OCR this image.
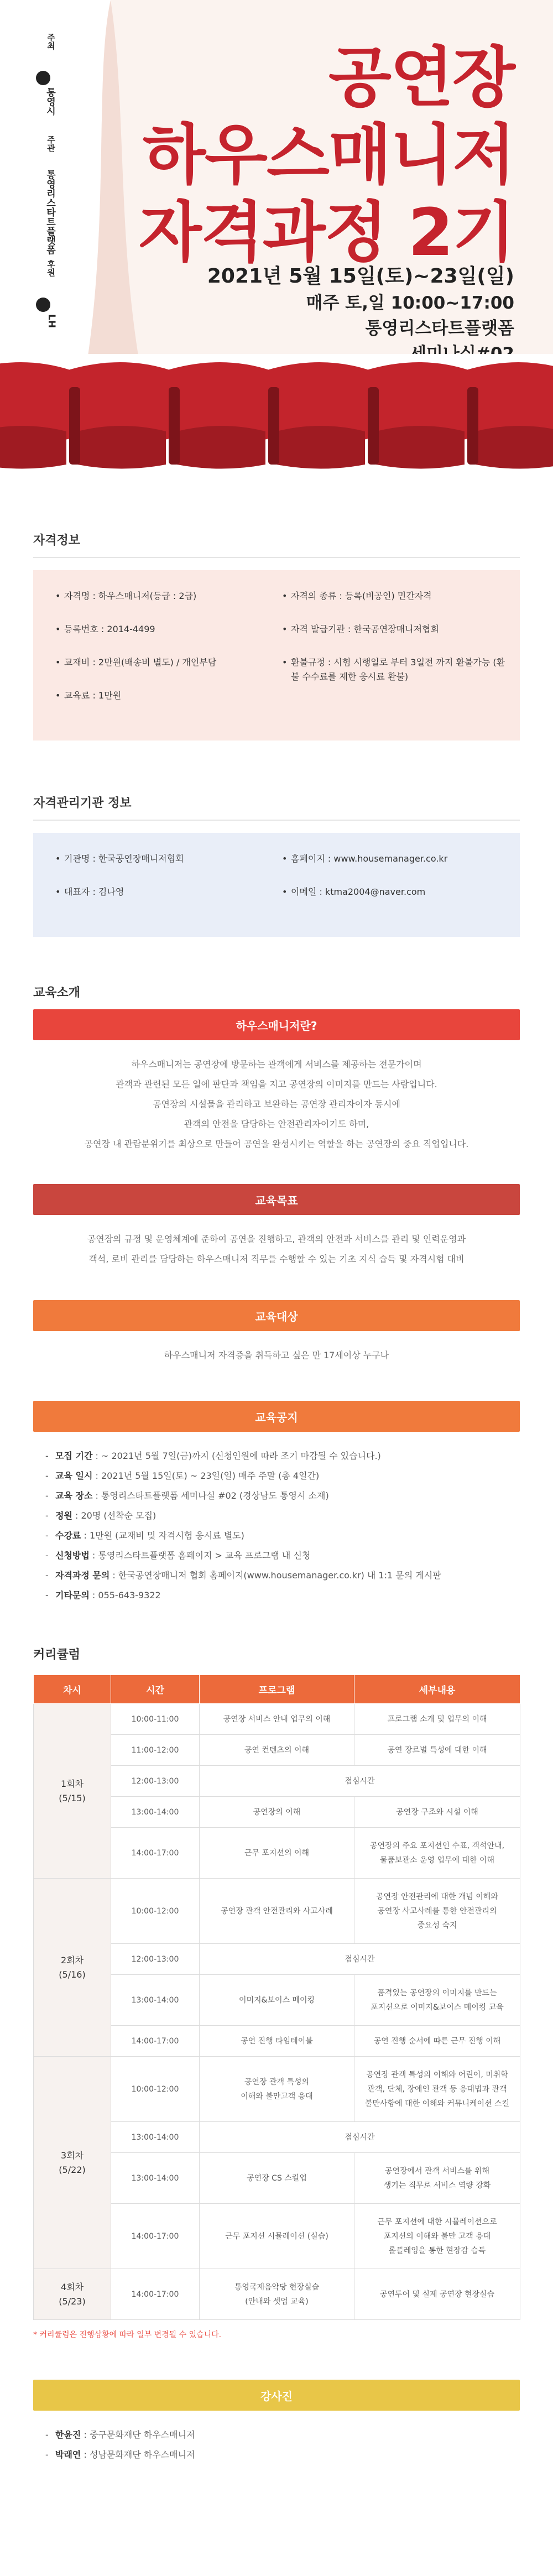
주최
통영시
주관
통영리스타트플랫폼
후원
LH
공연장
하우스매니저
자격과정 2기
2021년 5월 15일(토)~23일(일)
매주 토,일 10:00~17:00
통영리스타트플랫폼
자격정보
• 자격명 : 하우스매니저(등급 : 2급)	• 자격의 종류 : 등록(비공인) 민간자격
• 등록번호 : 2014-4499	• 자격 발급기관 : 한국공연장매니저협회
• 교재비 : 2만원(배송비 별도) / 개인부담	• 환불규정 : 시험 시행일로 부터 3일전 까지 환불가능 (환불 수수료를 제한 응시료 환불)
• 교육료 : 1만원
자격관리기관 정보
• 기관명 : 한국공연장매니저협회	• 홈페이지 : www.housemanager.co.kr
• 대표자 : 김나영	• 이메일 : ktma2004@naver.com
교육소개
하우스매니저란?
하우스매니저는 공연장에 방문하는 관객에게 서비스를 제공하는 전문가이며
관객과 관련된 모든 일에 판단과 책임을 지고 공연장의 이미지를 만드는 사람입니다.
공연장의 시설물을 관리하고 보완하는 공연장 관리자이자 동시에
관객의 안전을 담당하는 안전관리자이기도 하며,
공연장 내 관람분위기를 최상으로 만들어 공연을 완성시키는 역할을 하는 공연장의 중요 직업입니다.
교육목표
공연장의 규정 및 운영체계에 준하여 공연을 진행하고, 관객의 안전과 서비스를 관리 및 인력운영과
객석, 로비 관리를 담당하는 하우스매니저 직무를 수행할 수 있는 기초 지식 습득 및 자격시험 대비
교육대상
하우스매니저 자격증을 취득하고 싶은 만 17세이상 누구나
교육공지
- 모집 기간 : ~ 2021년 5월 7일(금)까지 (신청인원에 따라 조기 마감될 수 있습니다.)
- 교육 일시 : 2021년 5월 15일(토) ~ 23일(일) 매주 주말 (총 4일간)
- 교육 장소 : 통영리스타트플랫폼 세미나실 #02 (경상남도 통영시 소재)
- 정원 : 20명 (선착순 모집)
- 수강료 : 1만원 (교재비 및 자격시험 응시료 별도)
- 신청방법 : 통영리스타트플랫폼 홈페이지 > 교육 프로그램 내 신청
- 자격과정 문의 : 한국공연장매니저 협회 홈페이지(www.housemanager.co.kr) 내 1:1 문의 게시판
- 기타문의 : 055-643-9322
커리큘럼
차시	시간	프로그램	세부내용
1회차
(5/15)	10:00-11:00	공연장 서비스 안내 업무의 이해	프로그램 소개 및 업무의 이해
	11:00-12:00	공연 컨텐츠의 이해	공연 장르별 특성에 대한 이해
	12:00-13:00	점심시간	
	13:00-14:00	공연장의 이해	공연장 구조와 시설 이해
	14:00-17:00	근무 포지션의 이해	공연장의 주요 포지션인 수표, 객석안내,
물품보관소 운영 업무에 대한 이해
2회차
(5/16)	10:00-12:00	공연장 관객 안전관리와 사고사례	공연장 안전관리에 대한 개념 이해와
공연장 사고사례를 통한 안전관리의
중요성 숙지
	12:00-13:00	점심시간	
	13:00-14:00	이미지&보이스 메이킹	품격있는 공연장의 이미지를 만드는
포지션으로 이미지&보이스 메이킹 교육
	14:00-17:00	공연 진행 타임테이블	공연 진행 순서에 따른 근무 진행 이해
3회차
(5/22)	10:00-12:00	공연장 관객 특성의
이해와 불만고객 응대	공연장 관객 특성의 이해와 어린이, 미취학
관객, 단체, 장애인 관객 등 응대법과 관객
불만사항에 대한 이해와 커뮤니케이션 스킬
	13:00-14:00	점심시간	
	13:00-14:00	공연장 CS 스킬업	공연장에서 관객 서비스를 위해
생기는 직무로 서비스 역량 강화
	14:00-17:00	근무 포지션 시뮬레이션 (실습)	근무 포지션에 대한 시뮬레이션으로
포지션의 이해와 불만 고객 응대
롤플레잉을 통한 현장감 습득
4회차
(5/23)	14:00-17:00	통영국제음악당 현장실습
(안내와 셋업 교육)	공연투어 및 실제 공연장 현장실습
* 커리큘럼은 진행상황에 따라 일부 변경될 수 있습니다.
강사진
- 한윤진 : 중구문화재단 하우스매니저
- 박래연 : 성남문화재단 하우스매니저
